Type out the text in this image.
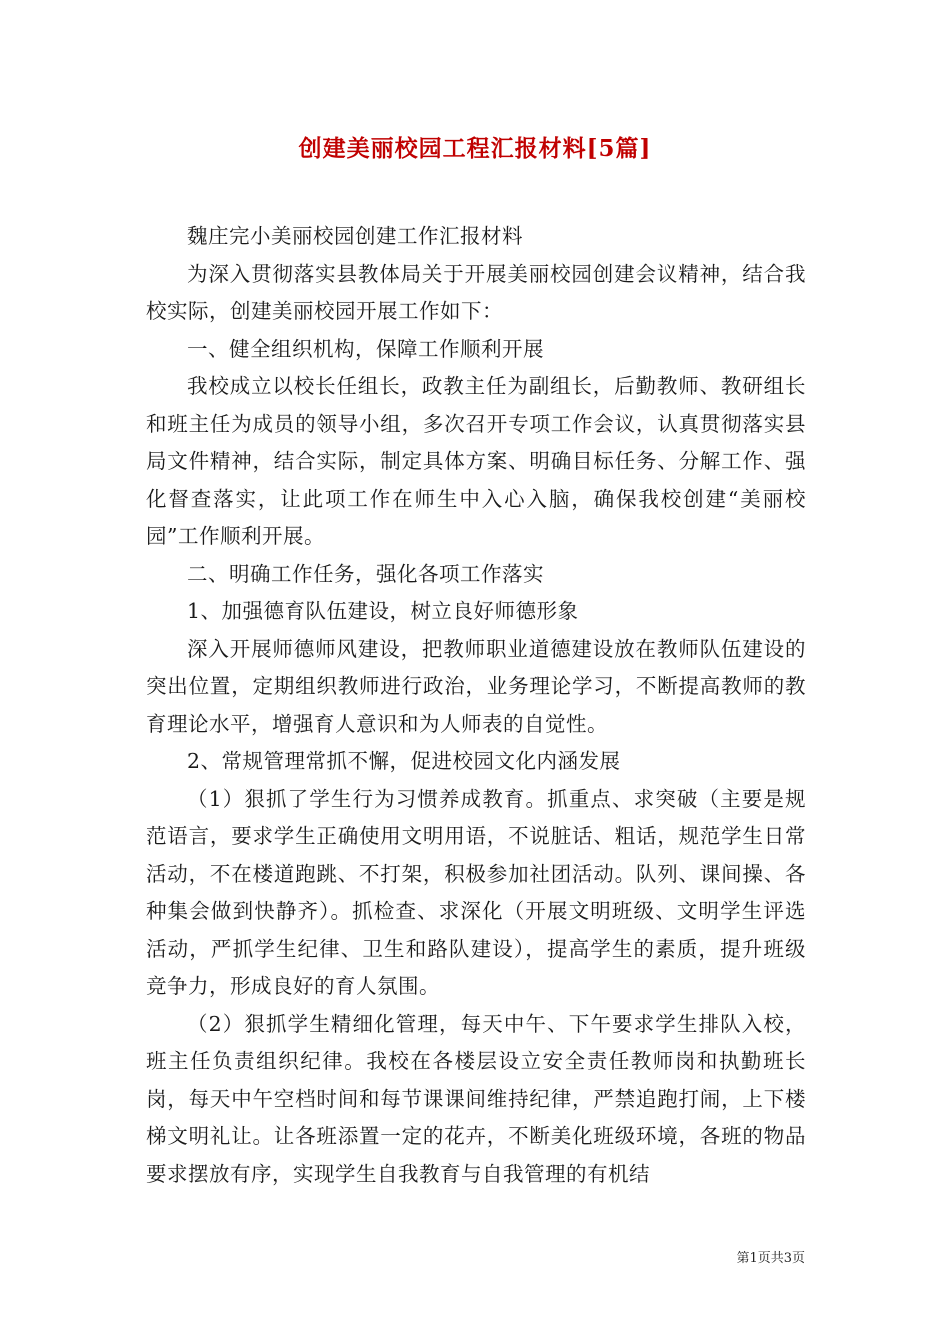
创建美丽校园工程汇报材料[5篇]

魏庄完小美丽校园创建工作汇报材料

为深入贯彻落实县教体局关于开展美丽校园创建会议精神，结合我校实际，创建美丽校园开展工作如下：

一、健全组织机构，保障工作顺利开展

我校成立以校长任组长，政教主任为副组长，后勤教师、教研组长和班主任为成员的领导小组，多次召开专项工作会议，认真贯彻落实县局文件精神，结合实际，制定具体方案、明确目标任务、分解工作、强化督查落实，让此项工作在师生中入心入脑，确保我校创建“美丽校园”工作顺利开展。

二、明确工作任务，强化各项工作落实

1、加强德育队伍建设，树立良好师德形象

深入开展师德师风建设，把教师职业道德建设放在教师队伍建设的突出位置，定期组织教师进行政治，业务理论学习，不断提高教师的教育理论水平，增强育人意识和为人师表的自觉性。

2、常规管理常抓不懈，促进校园文化内涵发展

（1）狠抓了学生行为习惯养成教育。抓重点、求突破（主要是规范语言，要求学生正确使用文明用语，不说脏话、粗话，规范学生日常活动，不在楼道跑跳、不打架，积极参加社团活动。队列、课间操、各种集会做到快静齐）。抓检查、求深化（开展文明班级、文明学生评选活动，严抓学生纪律、卫生和路队建设），提高学生的素质，提升班级竞争力，形成良好的育人氛围。

（2）狠抓学生精细化管理，每天中午、下午要求学生排队入校，班主任负责组织纪律。我校在各楼层设立安全责任教师岗和执勤班长岗，每天中午空档时间和每节课课间维持纪律，严禁追跑打闹，上下楼梯文明礼让。让各班添置一定的花卉，不断美化班级环境，各班的物品要求摆放有序，实现学生自我教育与自我管理的有机结

第1页共3页
